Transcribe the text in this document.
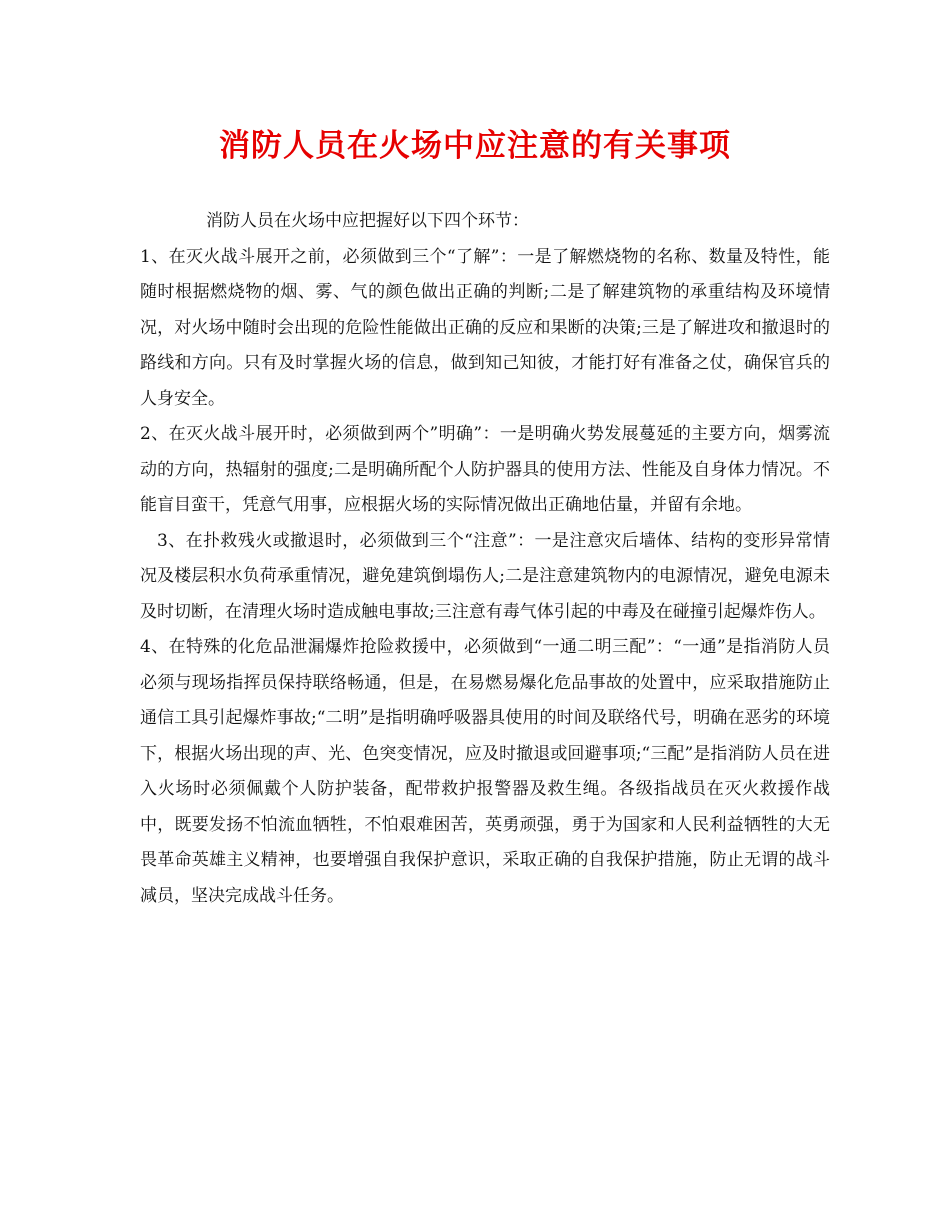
消防人员在火场中应注意的有关事项

消防人员在火场中应把握好以下四个环节：

1、在灭火战斗展开之前，必须做到三个“了解”：一是了解燃烧物的名称、数量及特性，能随时根据燃烧物的烟、雾、气的颜色做出正确的判断;二是了解建筑物的承重结构及环境情况，对火场中随时会出现的危险性能做出正确的反应和果断的决策;三是了解进攻和撤退时的路线和方向。只有及时掌握火场的信息，做到知己知彼，才能打好有准备之仗，确保官兵的人身安全。

2、在灭火战斗展开时，必须做到两个”明确”：一是明确火势发展蔓延的主要方向，烟雾流动的方向，热辐射的强度;二是明确所配个人防护器具的使用方法、性能及自身体力情况。不能盲目蛮干，凭意气用事，应根据火场的实际情况做出正确地估量，并留有余地。

3、在扑救残火或撤退时，必须做到三个“注意”：一是注意灾后墙体、结构的变形异常情况及楼层积水负荷承重情况，避免建筑倒塌伤人;二是注意建筑物内的电源情况，避免电源未及时切断，在清理火场时造成触电事故;三注意有毒气体引起的中毒及在碰撞引起爆炸伤人。

4、在特殊的化危品泄漏爆炸抢险救援中，必须做到“一通二明三配”：“一通”是指消防人员必须与现场指挥员保持联络畅通，但是，在易燃易爆化危品事故的处置中，应采取措施防止通信工具引起爆炸事故;“二明”是指明确呼吸器具使用的时间及联络代号，明确在恶劣的环境下，根据火场出现的声、光、色突变情况，应及时撤退或回避事项;“三配”是指消防人员在进入火场时必须佩戴个人防护装备，配带救护报警器及救生绳。各级指战员在灭火救援作战中，既要发扬不怕流血牺牲，不怕艰难困苦，英勇顽强，勇于为国家和人民利益牺牲的大无畏革命英雄主义精神，也要增强自我保护意识，采取正确的自我保护措施，防止无谓的战斗减员，坚决完成战斗任务。
